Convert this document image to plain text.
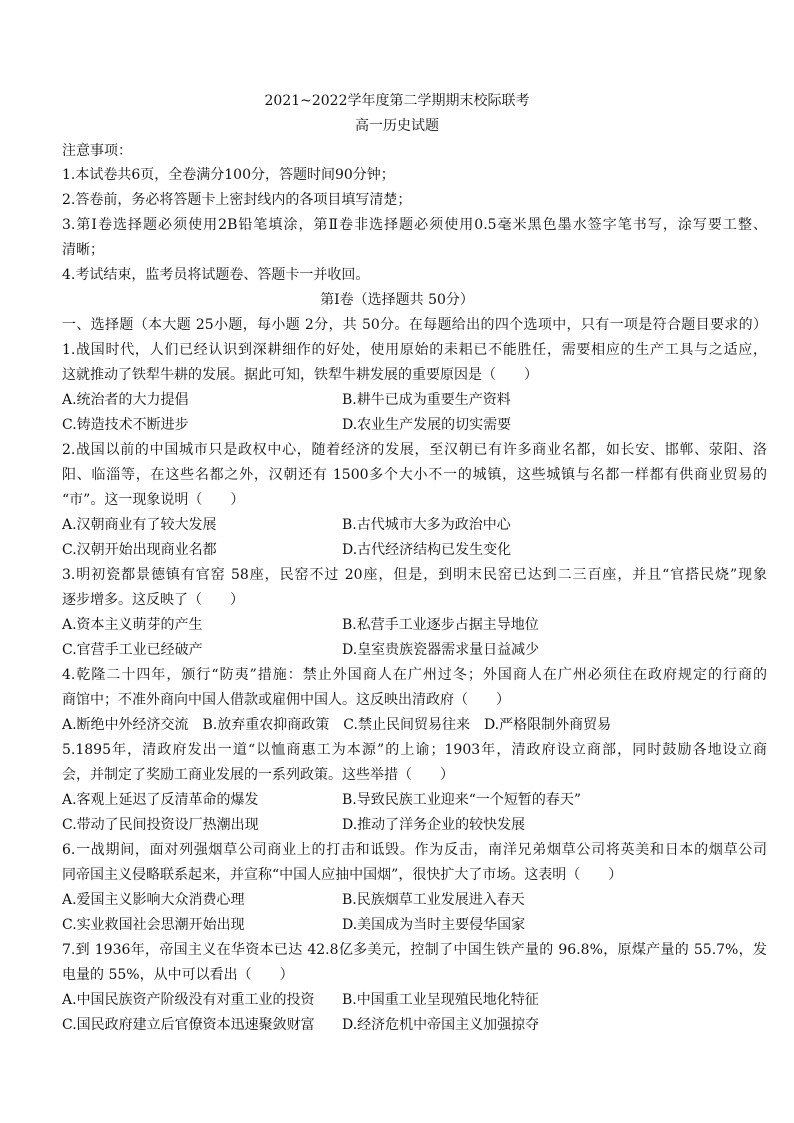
2021~2022学年度第二学期期末校际联考
高一历史试题
注意事项：
1.本试卷共6页，全卷满分100分，答题时间90分钟；
2.答卷前，务必将答题卡上密封线内的各项目填写清楚；
3.第Ⅰ卷选择题必须使用2B铅笔填涂，第Ⅱ卷非选择题必须使用0.5毫米黑色墨水签字笔书写，涂写要工整、
清晰；
4.考试结束，监考员将试题卷、答题卡一并收回。
第Ⅰ卷（选择题共 50分）
一、选择题（本大题 25小题，每小题 2分，共 50分。在每题给出的四个选项中，只有一项是符合题目要求的）
1.战国时代，人们已经认识到深耕细作的好处，使用原始的耒耜已不能胜任，需要相应的生产工具与之适应，
这就推动了铁犁牛耕的发展。据此可知，铁犁牛耕发展的重要原因是（　　）
A.统治者的大力提倡	B.耕牛已成为重要生产资料
C.铸造技术不断进步	D.农业生产发展的切实需要
2.战国以前的中国城市只是政权中心，随着经济的发展，至汉朝已有许多商业名都，如长安、邯郸、荥阳、洛
阳、临淄等，在这些名都之外，汉朝还有 1500多个大小不一的城镇，这些城镇与名都一样都有供商业贸易的
“市”。这一现象说明（　　）
A.汉朝商业有了较大发展	B.古代城市大多为政治中心
C.汉朝开始出现商业名都	D.古代经济结构已发生变化
3.明初瓷都景德镇有官窑 58座，民窑不过 20座，但是，到明末民窑已达到二三百座，并且“官搭民烧”现象
逐步增多。这反映了（　　）
A.资本主义萌芽的产生	B.私营手工业逐步占据主导地位
C.官营手工业已经破产	D.皇室贵族瓷器需求量日益减少
4.乾隆二十四年，颁行“防夷”措施：禁止外国商人在广州过冬；外国商人在广州必须住在政府规定的行商的
商馆中；不准外商向中国人借款或雇佣中国人。这反映出清政府（　　）
A.断绝中外经济交流　B.放弃重农抑商政策　C.禁止民间贸易往来　D.严格限制外商贸易
5.1895年，清政府发出一道“以恤商惠工为本源”的上谕；1903年，清政府设立商部，同时鼓励各地设立商
会，并制定了奖励工商业发展的一系列政策。这些举措（　　）
A.客观上延迟了反清革命的爆发	B.导致民族工业迎来“一个短暂的春天”
C.带动了民间投资设厂热潮出现	D.推动了洋务企业的较快发展
6.一战期间，面对列强烟草公司商业上的打击和诋毁。作为反击，南洋兄弟烟草公司将英美和日本的烟草公司
同帝国主义侵略联系起来，并宣称“中国人应抽中国烟”，很快扩大了市场。这表明（　　）
A.爱国主义影响大众消费心理	B.民族烟草工业发展进入春天
C.实业救国社会思潮开始出现	D.美国成为当时主要侵华国家
7.到 1936年，帝国主义在华资本已达 42.8亿多美元，控制了中国生铁产量的 96.8%，原煤产量的 55.7%，发
电量的 55%，从中可以看出（　　）
A.中国民族资产阶级没有对重工业的投资 B.中国重工业呈现殖民地化特征
C.国民政府建立后官僚资本迅速聚敛财富 D.经济危机中帝国主义加强掠夺
